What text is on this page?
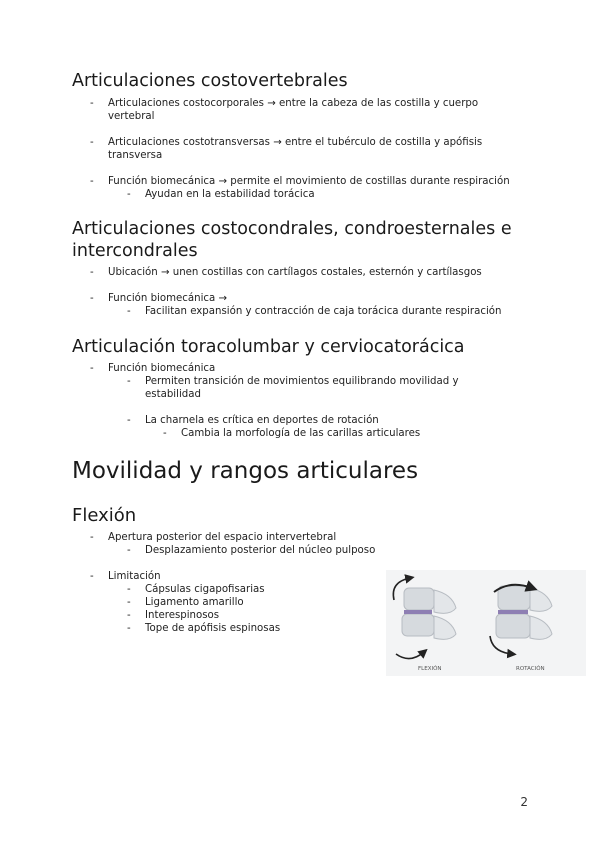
Articulaciones costovertebrales
- Articulaciones costocorporales → entre la cabeza de las costilla y cuerpo vertebral
- Articulaciones costotransversas → entre el tubérculo de costilla y apófisis transversa
- Función biomecánica → permite el movimiento de costillas durante respiración
- Ayudan en la estabilidad torácica
Articulaciones costocondrales, condroesternales e intercondrales
- Ubicación → unen costillas con cartílagos costales, esternón y cartílasgos
- Función biomecánica →
- Facilitan expansión y contracción de caja torácica durante respiración
Articulación toracolumbar y cerviocatorácica
- Función biomecánica
- Permiten transición de movimientos equilibrando movilidad y estabilidad
- La charnela es crítica en deportes de rotación
- Cambia la morfología de las carillas articulares
Movilidad y rangos articulares
Flexión
- Apertura posterior del espacio intervertebral
- Desplazamiento posterior del núcleo pulposo
- Limitación
- Cápsulas cigapofisarias
- Ligamento amarillo
- Interespinosos
- Tope de apófisis espinosas
FLEXIÓN	ROTACIÓN
2
